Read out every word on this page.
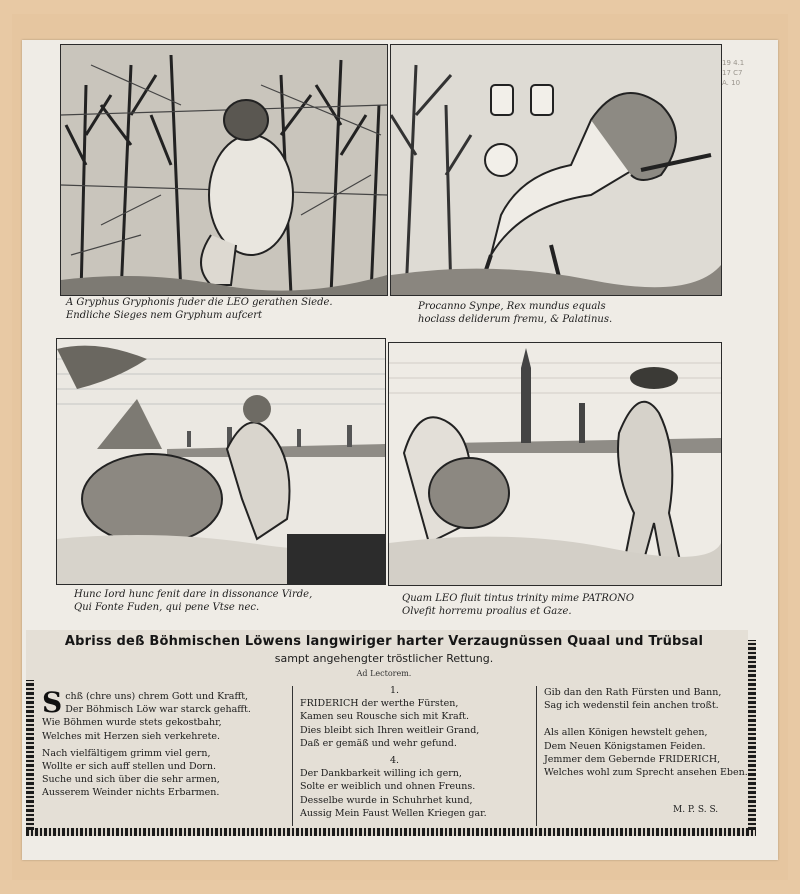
19 4.1
17 C7
A. 10
A Gryphus Gryphonis fuder die LEO gerathen Siede.
Endliche Sieges nem Gryphum aufcert
Procanno Synpe, Rex mundus equals
hoclass deliderum fremu, & Palatinus.
Hunc Iord hunc fenit dare in dissonance Virde,
Qui Fonte Fuden, qui pene Vtse nec.
Quam LEO fluit tintus trinity mime PATRONO
Olvefit horremu proalius et Gaze.
Abriss deß Böhmischen Löwens langwiriger harter Verzaugnüssen Quaal und Trübsal
sampt angehengter tröstlicher Rettung.
Ad Lectorem.
S chß (chre uns) chrem Gott und Krafft,
Der Böhmisch Löw war starck gehafft.
Wie Böhmen wurde stets gekostbahr,
Welches mit Herzen sieh verkehrete.
Nach vielfältigem grimm viel gern,
Wollte er sich auff stellen und Dorn.
Suche und sich über die sehr armen,
Ausserem Weinder nichts Erbarmen.
1.
FRIDERICH der werthe Fürsten,
Kamen seu Rousche sich mit Kraft.
Dies bleibt sich Ihren weitleir Grand,
Daß er gemäß und wehr gefund.
4.
Der Dankbarkeit willing ich gern,
Solte er weiblich und ohnen Freuns.
Desselbe wurde in Schuhrhet kund,
Aussig Mein Faust Wellen Kriegen gar.
Gib dan den Rath Fürsten und Bann,
Sag ich wedenstil fein anchen troßt.
Als allen Königen hewstelt gehen,
Dem Neuen Königstamen Feiden.
Jemmer dem Gebernde FRIDERICH,
Welches wohl zum Sprecht ansehen Eben.
M. P. S. S.
